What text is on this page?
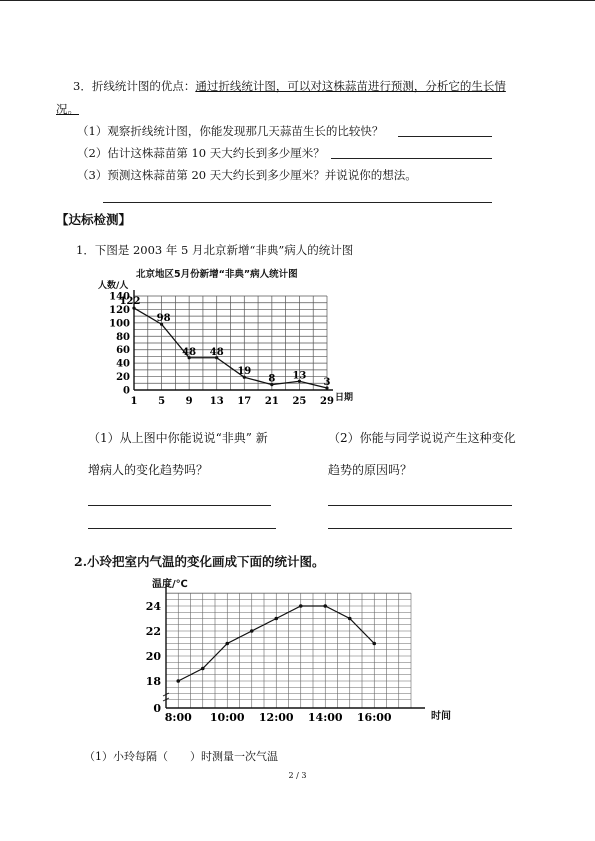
3．折线统计图的优点：通过折线统计图，可以对这株蒜苗进行预测，分析它的生长情
况。
（1）观察折线统计图，你能发现那几天蒜苗生长的比较快？
（2）估计这株蒜苗第 10 天大约长到多少厘米？
（3）预测这株蒜苗第 20 天大约长到多少厘米？并说说你的想法。
【达标检测】
1．下图是 2003 年 5 月北京新增“非典”病人的统计图
北京地区5月份新增“非典”病人统计图
人数/人
日期
0
20
40
60
80
100
120
140
1 5 9 13 17 21 25 29
122
98
48 48
19
8 13
3
（1）从上图中你能说说“非典” 新
增病人的变化趋势吗？
（2）你能与同学说说产生这种变化
趋势的原因吗？
2.小玲把室内气温的变化画成下面的统计图。
温度/℃
时间
24
22
20
18
0
8:00 10:00 12:00 14:00 16:00
（1）小玲每隔（　　）时测量一次气温
2 / 3
